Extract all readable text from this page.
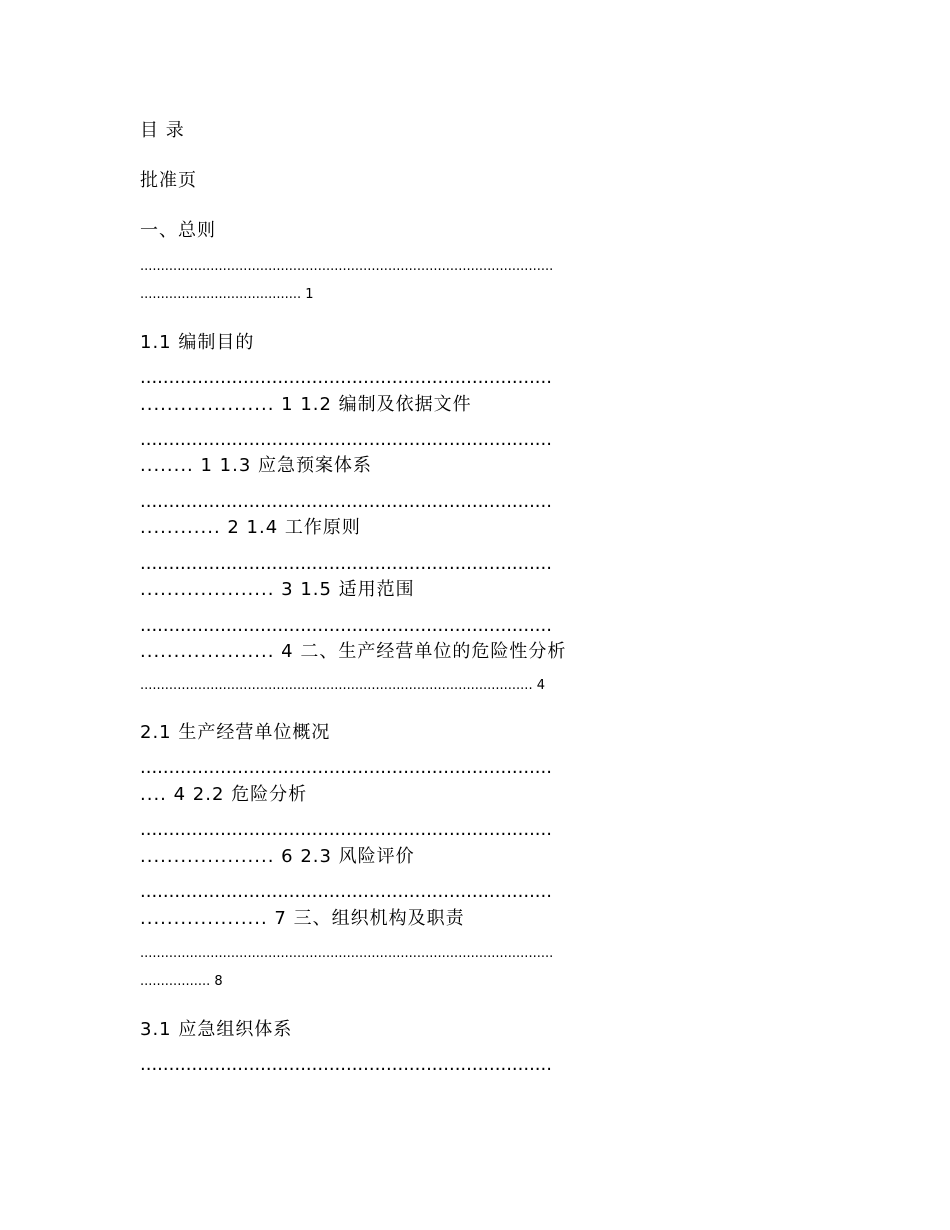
目 录
批准页
一、总则
....................................................................................................
....................................... 1
1.1 编制目的
........................................................................
.................... 1 1.2 编制及依据文件
........................................................................
........ 1 1.3 应急预案体系
........................................................................
............ 2 1.4 工作原则
........................................................................
.................... 3 1.5 适用范围
........................................................................
.................... 4 二、生产经营单位的危险性分析
............................................................................................... 4
2.1 生产经营单位概况
........................................................................
.... 4 2.2 危险分析
........................................................................
.................... 6 2.3 风险评价
........................................................................
................... 7 三、组织机构及职责
....................................................................................................
................. 8
3.1 应急组织体系
........................................................................
